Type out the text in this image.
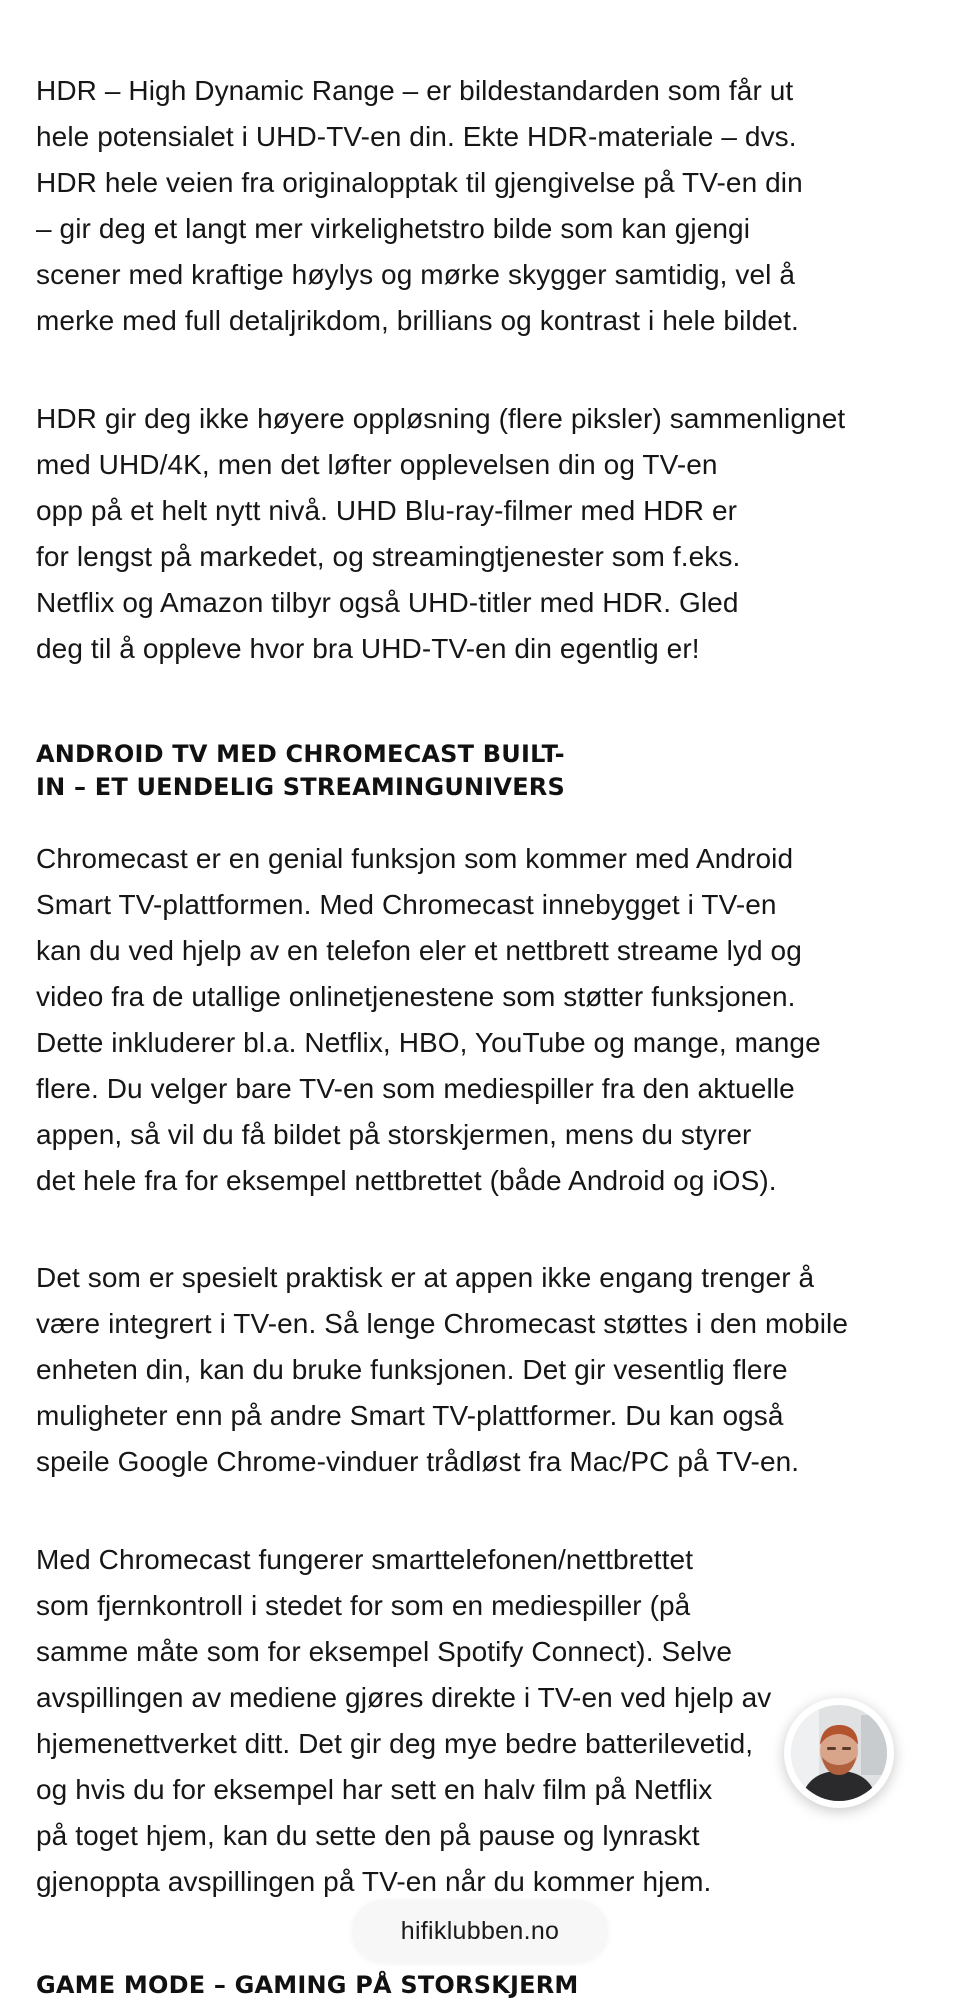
HDR – High Dynamic Range – er bildestandarden som får ut
hele potensialet i UHD-TV-en din. Ekte HDR-materiale – dvs.
HDR hele veien fra originalopptak til gjengivelse på TV-en din
– gir deg et langt mer virkelighetstro bilde som kan gjengi
scener med kraftige høylys og mørke skygger samtidig, vel å
merke med full detaljrikdom, brillians og kontrast i hele bildet.

HDR gir deg ikke høyere oppløsning (flere piksler) sammenlignet
med UHD/4K, men det løfter opplevelsen din og TV-en
opp på et helt nytt nivå. UHD Blu-ray-filmer med HDR er
for lengst på markedet, og streamingtjenester som f.eks.
Netflix og Amazon tilbyr også UHD-titler med HDR. Gled
deg til å oppleve hvor bra UHD-TV-en din egentlig er!

ANDROID TV MED CHROMECAST BUILT-
IN – ET UENDELIG STREAMINGUNIVERS

Chromecast er en genial funksjon som kommer med Android
Smart TV-plattformen. Med Chromecast innebygget i TV-en
kan du ved hjelp av en telefon eler et nettbrett streame lyd og
video fra de utallige onlinetjenestene som støtter funksjonen.
Dette inkluderer bl.a. Netflix, HBO, YouTube og mange, mange
flere. Du velger bare TV-en som mediespiller fra den aktuelle
appen, så vil du få bildet på storskjermen, mens du styrer
det hele fra for eksempel nettbrettet (både Android og iOS).

Det som er spesielt praktisk er at appen ikke engang trenger å
være integrert i TV-en. Så lenge Chromecast støttes i den mobile
enheten din, kan du bruke funksjonen. Det gir vesentlig flere
muligheter enn på andre Smart TV-plattformer. Du kan også
speile Google Chrome-vinduer trådløst fra Mac/PC på TV-en.

Med Chromecast fungerer smarttelefonen/nettbrettet
som fjernkontroll i stedet for som en mediespiller (på
samme måte som for eksempel Spotify Connect). Selve
avspillingen av mediene gjøres direkte i TV-en ved hjelp av
hjemenettverket ditt. Det gir deg mye bedre batterilevetid,
og hvis du for eksempel har sett en halv film på Netflix
på toget hjem, kan du sette den på pause og lynraskt
gjenoppta avspillingen på TV-en når du kommer hjem.

GAME MODE – GAMING PÅ STORSKJERM
hifiklubben.no
